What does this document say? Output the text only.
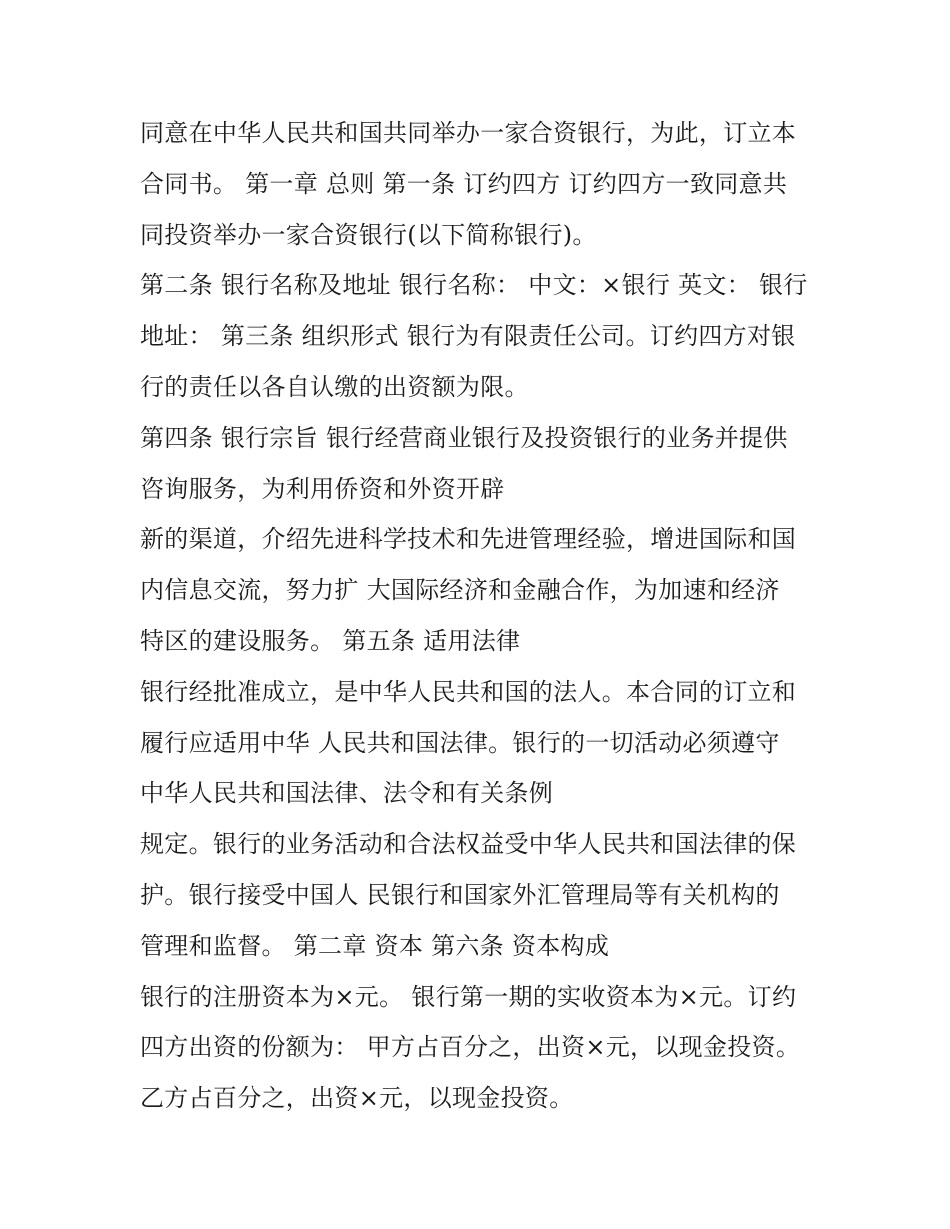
同意在中华人民共和国共同举办一家合资银行，为此，订立本
合同书。 第一章 总则 第一条 订约四方 订约四方一致同意共
同投资举办一家合资银行(以下简称银行)。
第二条 银行名称及地址 银行名称： 中文：×银行 英文： 银行
地址： 第三条 组织形式 银行为有限责任公司。订约四方对银
行的责任以各自认缴的出资额为限。
第四条 银行宗旨 银行经营商业银行及投资银行的业务并提供
咨询服务，为利用侨资和外资开辟
新的渠道，介绍先进科学技术和先进管理经验，增进国际和国
内信息交流，努力扩 大国际经济和金融合作，为加速和经济
特区的建设服务。 第五条 适用法律
银行经批准成立，是中华人民共和国的法人。本合同的订立和
履行应适用中华 人民共和国法律。银行的一切活动必须遵守
中华人民共和国法律、法令和有关条例
规定。银行的业务活动和合法权益受中华人民共和国法律的保
护。银行接受中国人 民银行和国家外汇管理局等有关机构的
管理和监督。 第二章 资本 第六条 资本构成
银行的注册资本为×元。 银行第一期的实收资本为×元。订约
四方出资的份额为： 甲方占百分之，出资×元，以现金投资。
乙方占百分之，出资×元，以现金投资。
